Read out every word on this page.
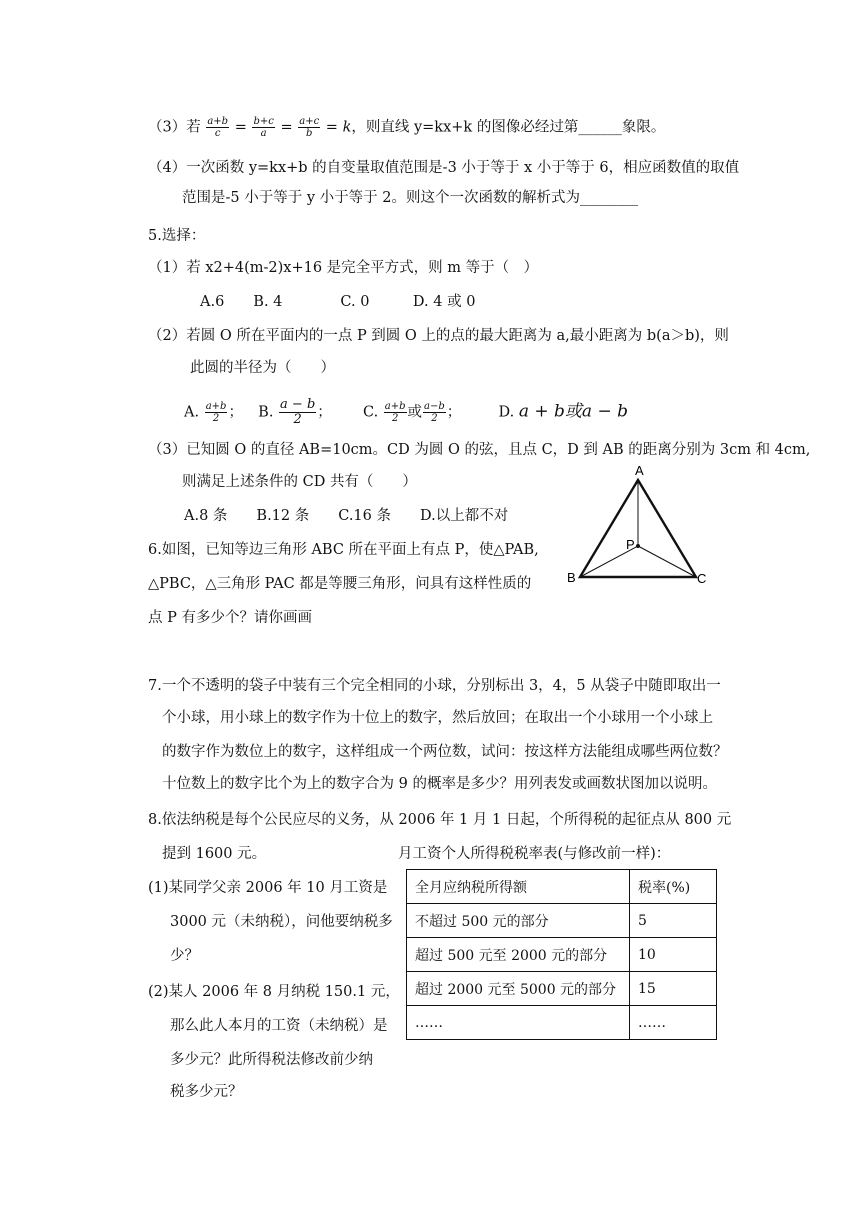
（3）若 $\frac{a+b}{c} = \frac{b+c}{a} = \frac{a+c}{b} = k$，则直线 y=kx+k 的图像必经过第______象限。
（4）一次函数 y=kx+b 的自变量取值范围是-3 小于等于 x 小于等于 6，相应函数值的取值
范围是-5 小于等于 y 小于等于 2。则这个一次函数的解析式为________
5.选择：
（1）若 x2+4(m-2)x+16 是完全平方式，则 m 等于（　）
A.6　　B. 4　　　　C. 0　　　D. 4 或 0
（2）若圆 O 所在平面内的一点 P 到圆 O 上的点的最大距离为 a,最小距离为 b(a＞b)，则
此圆的半径为（　　）
A. $\frac{a+b}{2}$ ； B. $\frac{a - b}{2}$ ； C. $\frac{a+b}{2}$ 或 $\frac{a-b}{2}$ ；	D. a + b或a − b
（3）已知圆 O 的直径 AB=10cm。CD 为圆 O 的弦，且点 C，D 到 AB 的距离分别为 3cm 和 4cm,
则满足上述条件的 CD 共有（　　）
A.8 条　　B.12 条　　C.16 条　　D.以上都不对
6.如图，已知等边三角形 ABC 所在平面上有点 P，使△PAB,
△PBC，△三角形 PAC 都是等腰三角形，问具有这样性质的
点 P 有多少个？请你画画
A
B	C
P
7.一个不透明的袋子中装有三个完全相同的小球，分别标出 3，4，5 从袋子中随即取出一
个小球，用小球上的数字作为十位上的数字，然后放回；在取出一个小球用一个小球上
的数字作为数位上的数字，这样组成一个两位数，试问：按这样方法能组成哪些两位数？
十位数上的数字比个为上的数字合为 9 的概率是多少？用列表发或画数状图加以说明。
8.依法纳税是每个公民应尽的义务，从 2006 年 1 月 1 日起，个所得税的起征点从 800 元
提到 1600 元。	月工资个人所得税税率表(与修改前一样)：
(1)某同学父亲 2006 年 10 月工资是
3000 元（未纳税），问他要纳税多
少？
(2)某人 2006 年 8 月纳税 150.1 元，
那么此人本月的工资（未纳税）是
多少元？此所得税法修改前少纳
税多少元？
全月应纳税所得额	税率(%)
不超过 500 元的部分	5
超过 500 元至 2000 元的部分	10
超过 2000 元至 5000 元的部分	15
……	……
